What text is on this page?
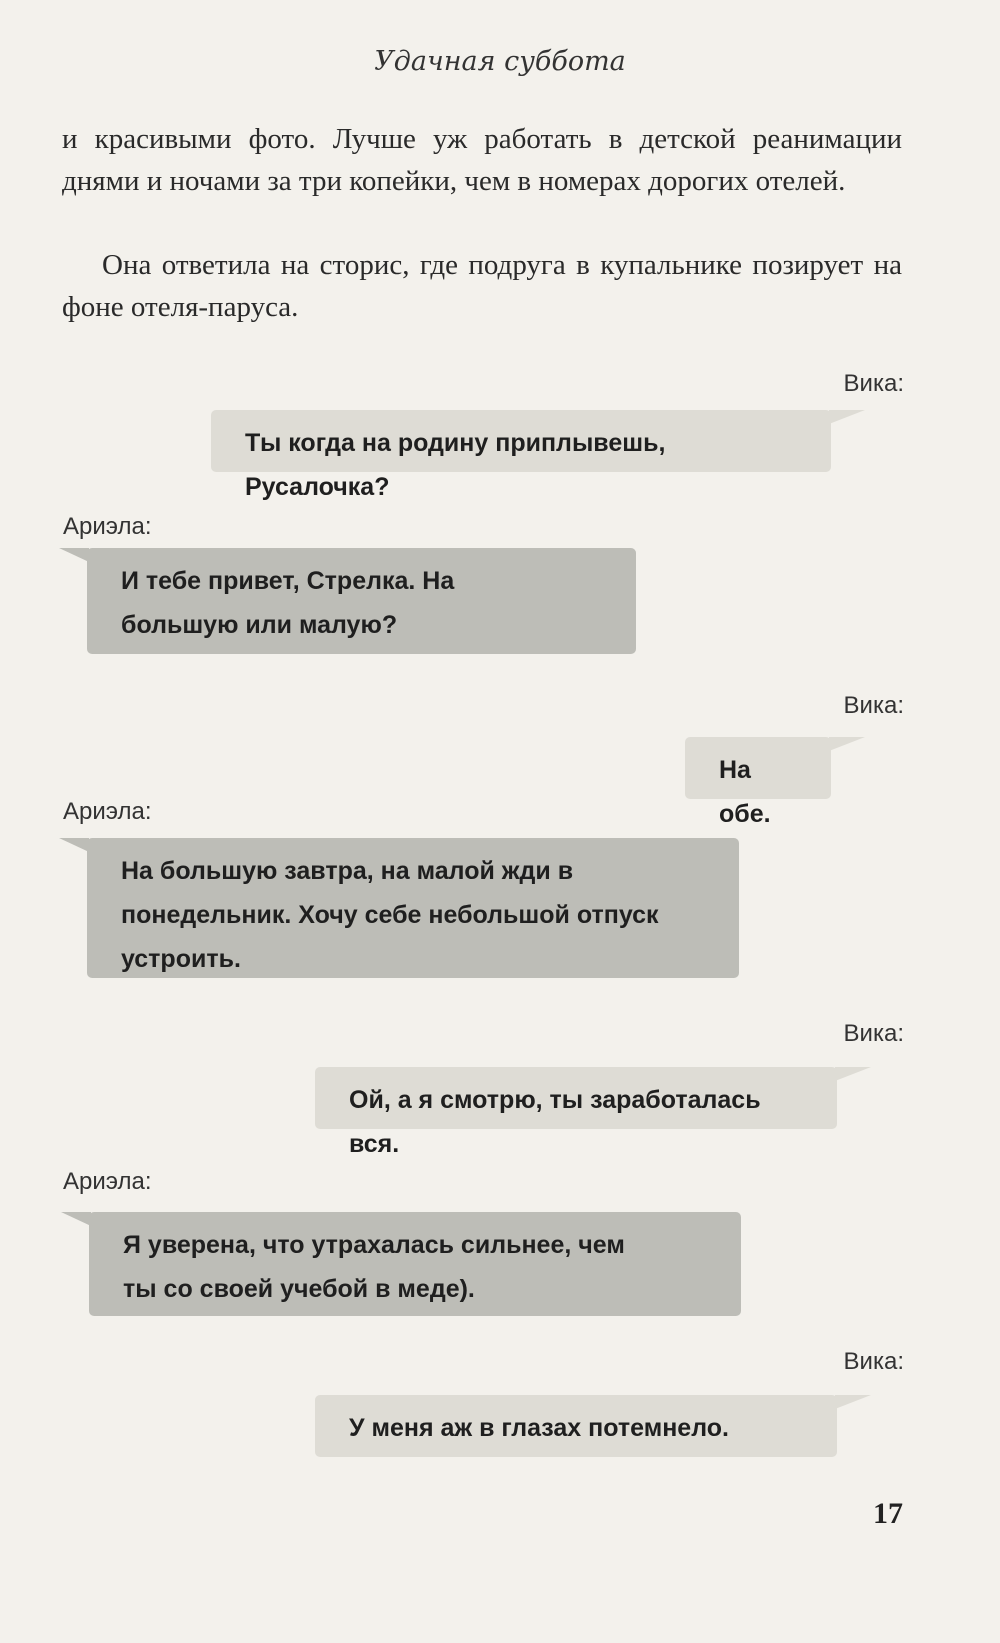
Удачная суббота

и красивыми фото. Лучше уж работать в детской реанимации днями и ночами за три копейки, чем в номерах дорогих отелей.

Она ответила на сторис, где подруга в купальнике позирует на фоне отеля-паруса.

Вика:
Ты когда на родину приплывешь, Русалочка?
Ариэла:
И тебе привет, Стрелка. На большую или малую?
Вика:
На обе.
Ариэла:
На большую завтра, на малой жди в понедельник. Хочу себе небольшой отпуск устроить.
Вика:
Ой, а я смотрю, ты заработалась вся.
Ариэла:
Я уверена, что утрахалась сильнее, чем ты со своей учебой в меде).
Вика:
У меня аж в глазах потемнело.
17
